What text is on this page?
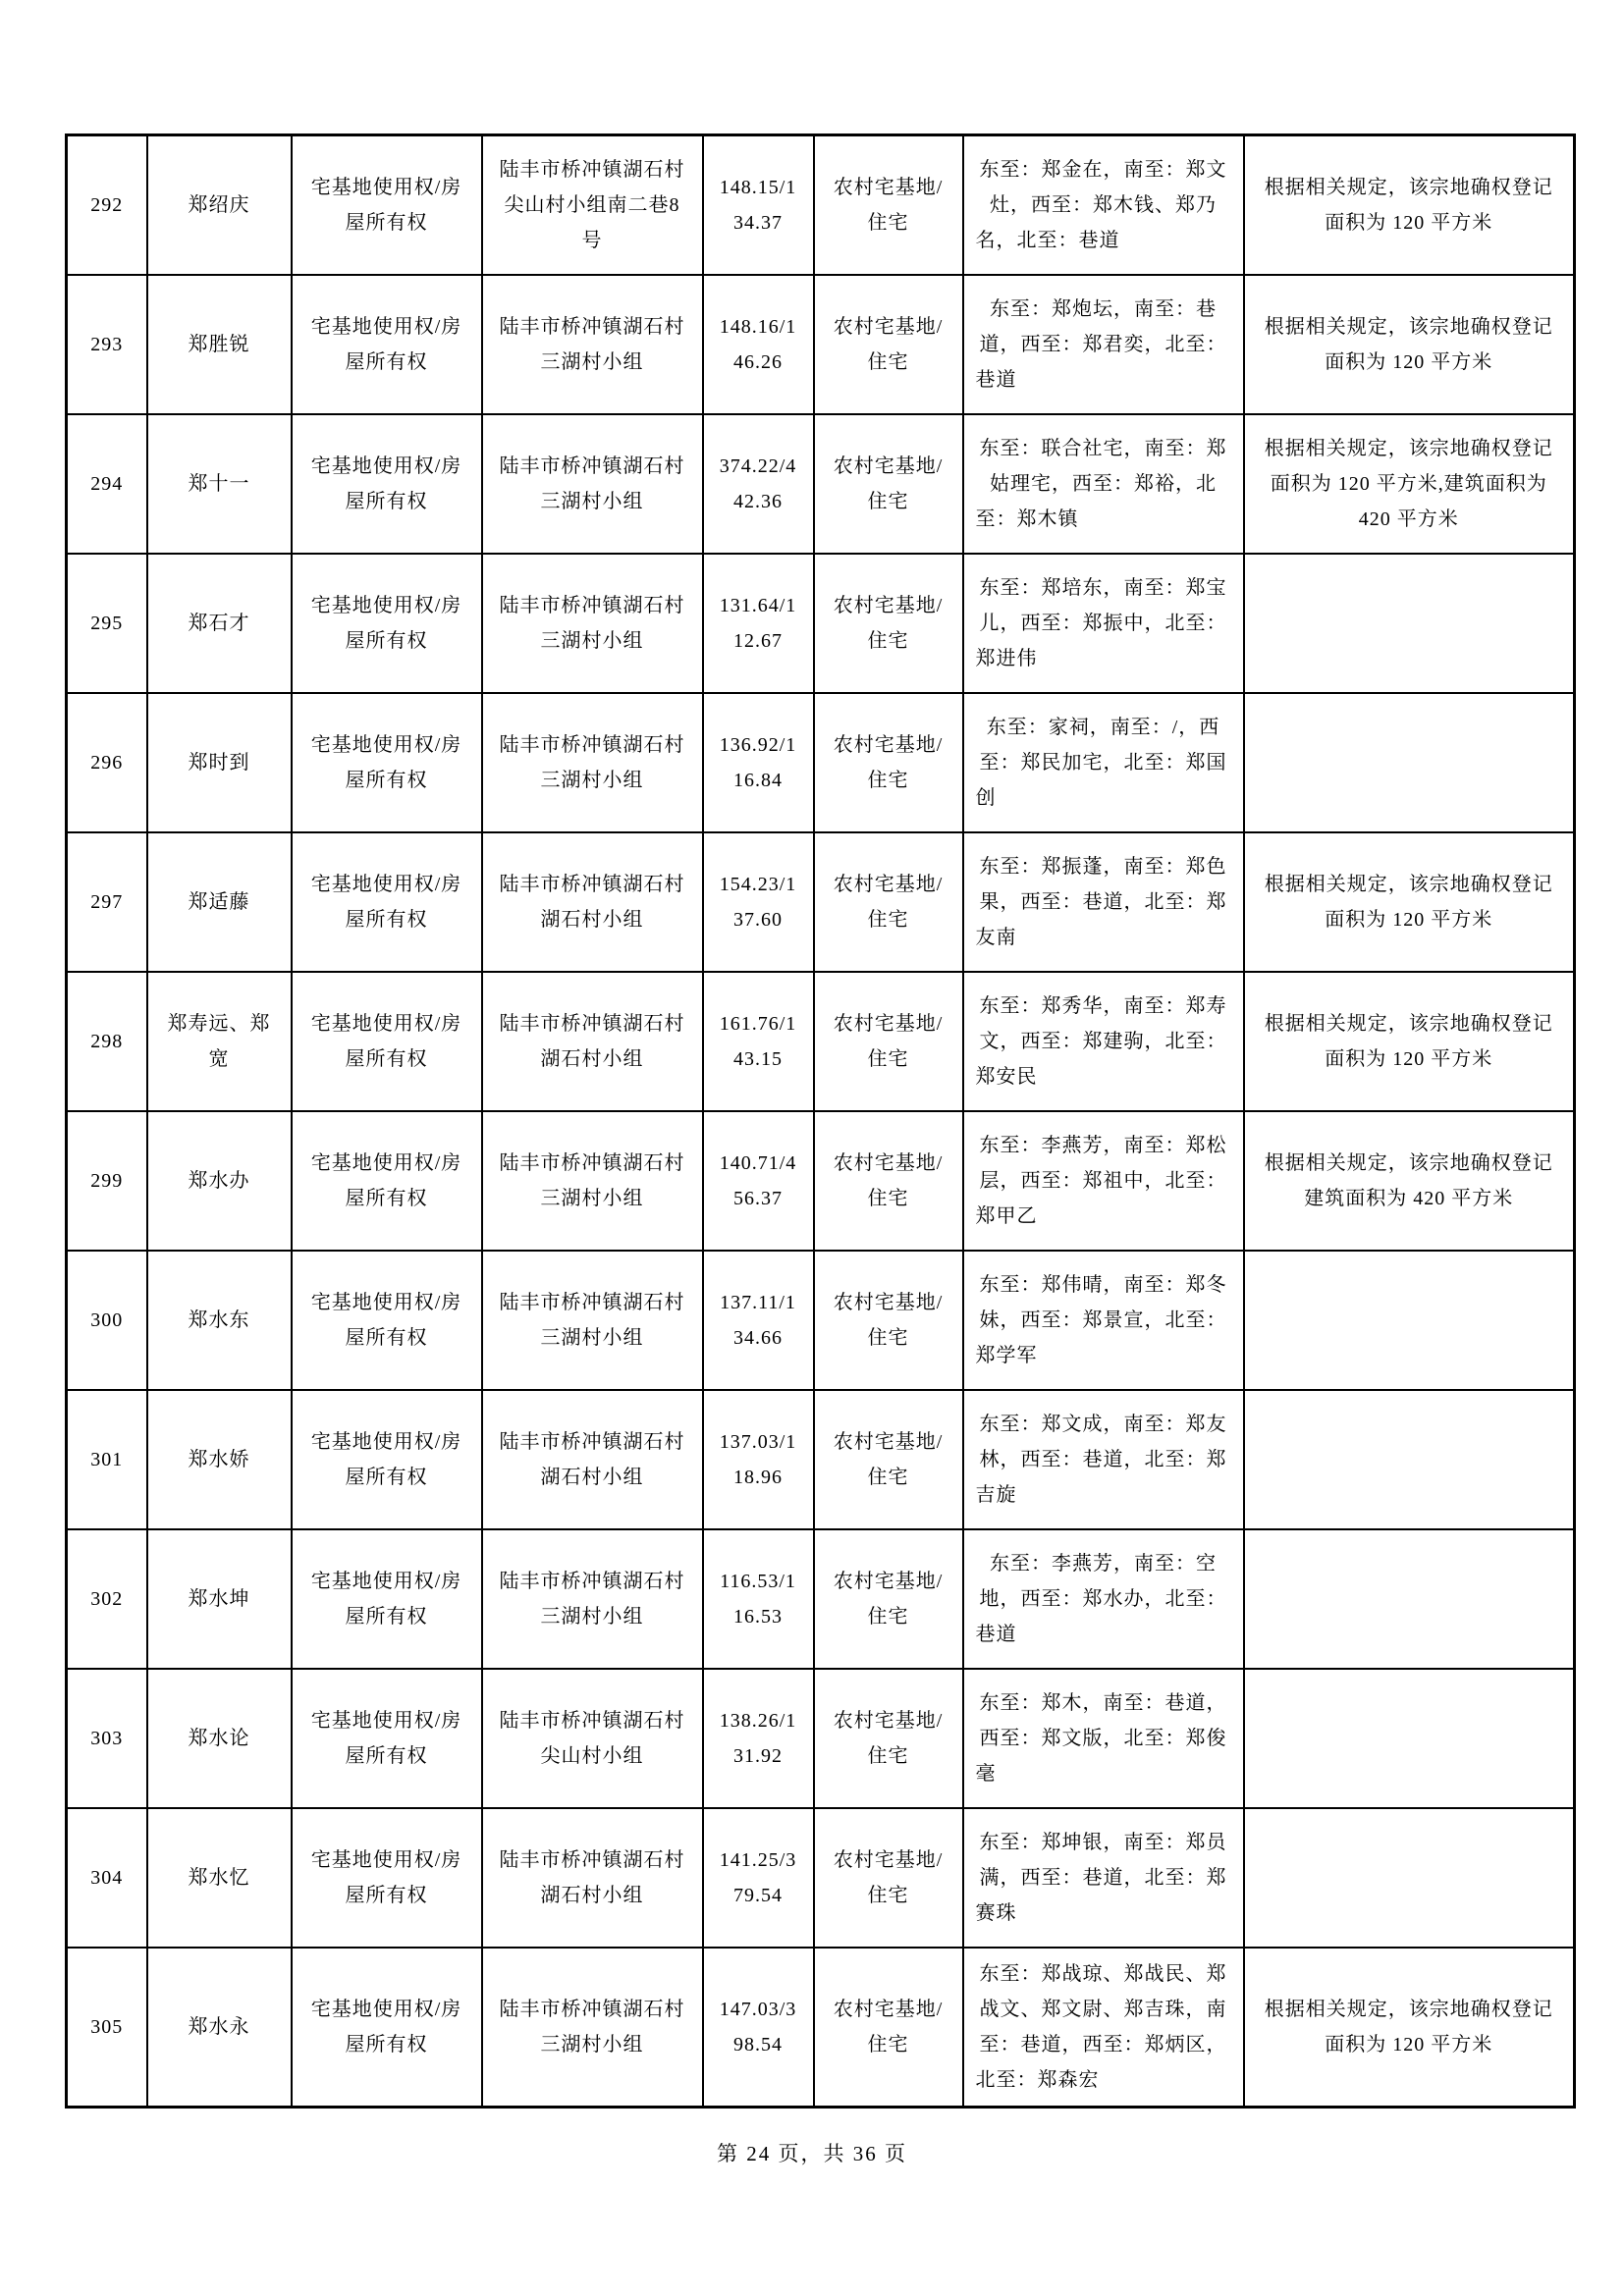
292	郑绍庆	宅基地使用权/房屋所有权	陆丰市桥冲镇湖石村尖山村小组南二巷8号	148.15/134.37	农村宅基地/住宅	东至：郑金在，南至：郑文灶，西至：郑木钱、郑乃名，北至：巷道	根据相关规定，该宗地确权登记面积为 120 平方米
293	郑胜锐	宅基地使用权/房屋所有权	陆丰市桥冲镇湖石村三湖村小组	148.16/146.26	农村宅基地/住宅	东至：郑炮坛，南至：巷道，西至：郑君奕，北至：巷道	根据相关规定，该宗地确权登记面积为 120 平方米
294	郑十一	宅基地使用权/房屋所有权	陆丰市桥冲镇湖石村三湖村小组	374.22/442.36	农村宅基地/住宅	东至：联合社宅，南至：郑姑理宅，西至：郑裕，北至：郑木镇	根据相关规定，该宗地确权登记面积为 120 平方米,建筑面积为 420 平方米
295	郑石才	宅基地使用权/房屋所有权	陆丰市桥冲镇湖石村三湖村小组	131.64/112.67	农村宅基地/住宅	东至：郑培东，南至：郑宝儿，西至：郑振中，北至：郑进伟	
296	郑时到	宅基地使用权/房屋所有权	陆丰市桥冲镇湖石村三湖村小组	136.92/116.84	农村宅基地/住宅	东至：家祠，南至：/，西至：郑民加宅，北至：郑国创	
297	郑适藤	宅基地使用权/房屋所有权	陆丰市桥冲镇湖石村湖石村小组	154.23/137.60	农村宅基地/住宅	东至：郑振蓬，南至：郑色果，西至：巷道，北至：郑友南	根据相关规定，该宗地确权登记面积为 120 平方米
298	郑寿远、郑宽	宅基地使用权/房屋所有权	陆丰市桥冲镇湖石村湖石村小组	161.76/143.15	农村宅基地/住宅	东至：郑秀华，南至：郑寿文，西至：郑建驹，北至：郑安民	根据相关规定，该宗地确权登记面积为 120 平方米
299	郑水办	宅基地使用权/房屋所有权	陆丰市桥冲镇湖石村三湖村小组	140.71/456.37	农村宅基地/住宅	东至：李燕芳，南至：郑松层，西至：郑祖中，北至：郑甲乙	根据相关规定，该宗地确权登记建筑面积为 420 平方米
300	郑水东	宅基地使用权/房屋所有权	陆丰市桥冲镇湖石村三湖村小组	137.11/134.66	农村宅基地/住宅	东至：郑伟晴，南至：郑冬妹，西至：郑景宣，北至：郑学军	
301	郑水娇	宅基地使用权/房屋所有权	陆丰市桥冲镇湖石村湖石村小组	137.03/118.96	农村宅基地/住宅	东至：郑文成，南至：郑友林，西至：巷道，北至：郑吉旋	
302	郑水坤	宅基地使用权/房屋所有权	陆丰市桥冲镇湖石村三湖村小组	116.53/116.53	农村宅基地/住宅	东至：李燕芳，南至：空地，西至：郑水办，北至：巷道	
303	郑水论	宅基地使用权/房屋所有权	陆丰市桥冲镇湖石村尖山村小组	138.26/131.92	农村宅基地/住宅	东至：郑木，南至：巷道，西至：郑文版，北至：郑俊毫	
304	郑水忆	宅基地使用权/房屋所有权	陆丰市桥冲镇湖石村湖石村小组	141.25/379.54	农村宅基地/住宅	东至：郑坤银，南至：郑员满，西至：巷道，北至：郑赛珠	
305	郑水永	宅基地使用权/房屋所有权	陆丰市桥冲镇湖石村三湖村小组	147.03/398.54	农村宅基地/住宅	东至：郑战琼、郑战民、郑战文、郑文尉、郑吉珠，南至：巷道，西至：郑炳区，北至：郑森宏	根据相关规定，该宗地确权登记面积为 120 平方米
第 24 页，共 36 页
